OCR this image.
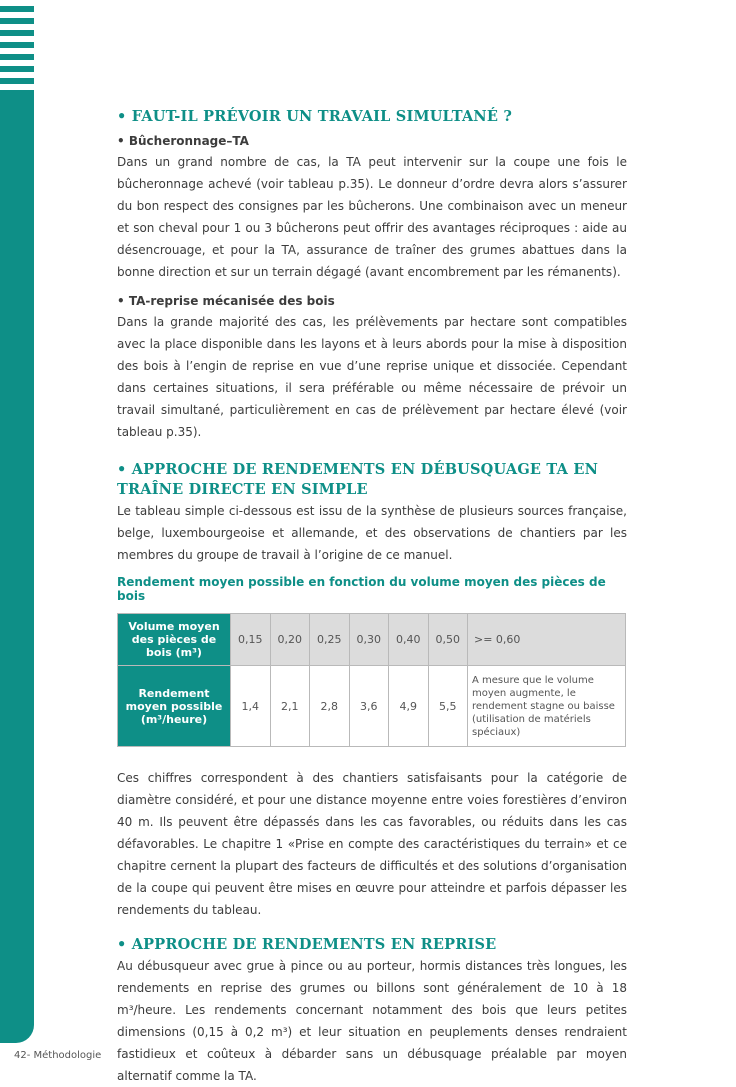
• FAUT-IL PRÉVOIR UN TRAVAIL SIMULTANÉ ?
• Bûcheronnage–TA

Dans un grand nombre de cas, la TA peut intervenir sur la coupe une fois le bûcheronnage achevé (voir tableau p.35). Le donneur d’ordre devra alors s’assurer du bon respect des consignes par les bûcherons. Une combinaison avec un meneur et son cheval pour 1 ou 3 bûcherons peut offrir des avantages réciproques : aide au désencrouage, et pour la TA, assurance de traîner des grumes abattues dans la bonne direction et sur un terrain dégagé (avant encombrement par les rémanents).

• TA-reprise mécanisée des bois

Dans la grande majorité des cas, les prélèvements par hectare sont compatibles avec la place disponible dans les layons et à leurs abords pour la mise à disposition des bois à l’engin de reprise en vue d’une reprise unique et dissociée. Cependant dans certaines situations, il sera préférable ou même nécessaire de prévoir un travail simultané, particulièrement en cas de prélèvement par hectare élevé (voir tableau p.35).

• APPROCHE DE RENDEMENTS EN DÉBUSQUAGE TA EN TRAÎNE DIRECTE EN SIMPLE

Le tableau simple ci-dessous est issu de la synthèse de plusieurs sources française, belge, luxembourgeoise et allemande, et des observations de chantiers par les membres du groupe de travail à l’origine de ce manuel.

Rendement moyen possible en fonction du volume moyen des pièces de bois
Volume moyen des pièces de bois (m³)	0,15	0,20	0,25	0,30	0,40	0,50	>= 0,60
Rendement moyen possible (m³/heure)	1,4	2,1	2,8	3,6	4,9	5,5	A mesure que le volume moyen augmente, le rendement stagne ou baisse (utilisation de matériels spéciaux)

Ces chiffres correspondent à des chantiers satisfaisants pour la catégorie de diamètre considéré, et pour une distance moyenne entre voies forestières d’environ 40 m. Ils peuvent être dépassés dans les cas favorables, ou réduits dans les cas défavorables. Le chapitre 1 «Prise en compte des caractéristiques du terrain» et ce chapitre cernent la plupart des facteurs de difficultés et des solutions d’organisation de la coupe qui peuvent être mises en œuvre pour atteindre et parfois dépasser les rendements du tableau.

• APPROCHE DE RENDEMENTS EN REPRISE

Au débusqueur avec grue à pince ou au porteur, hormis distances très longues, les rendements en reprise des grumes ou billons sont généralement de 10 à 18 m³/heure. Les rendements concernant notamment des bois que leurs petites dimensions (0,15 à 0,2 m³) et leur situation en peuplements denses rendraient fastidieux et coûteux à débarder sans un débusquage préalable par moyen alternatif comme la TA.

42- Méthodologie
